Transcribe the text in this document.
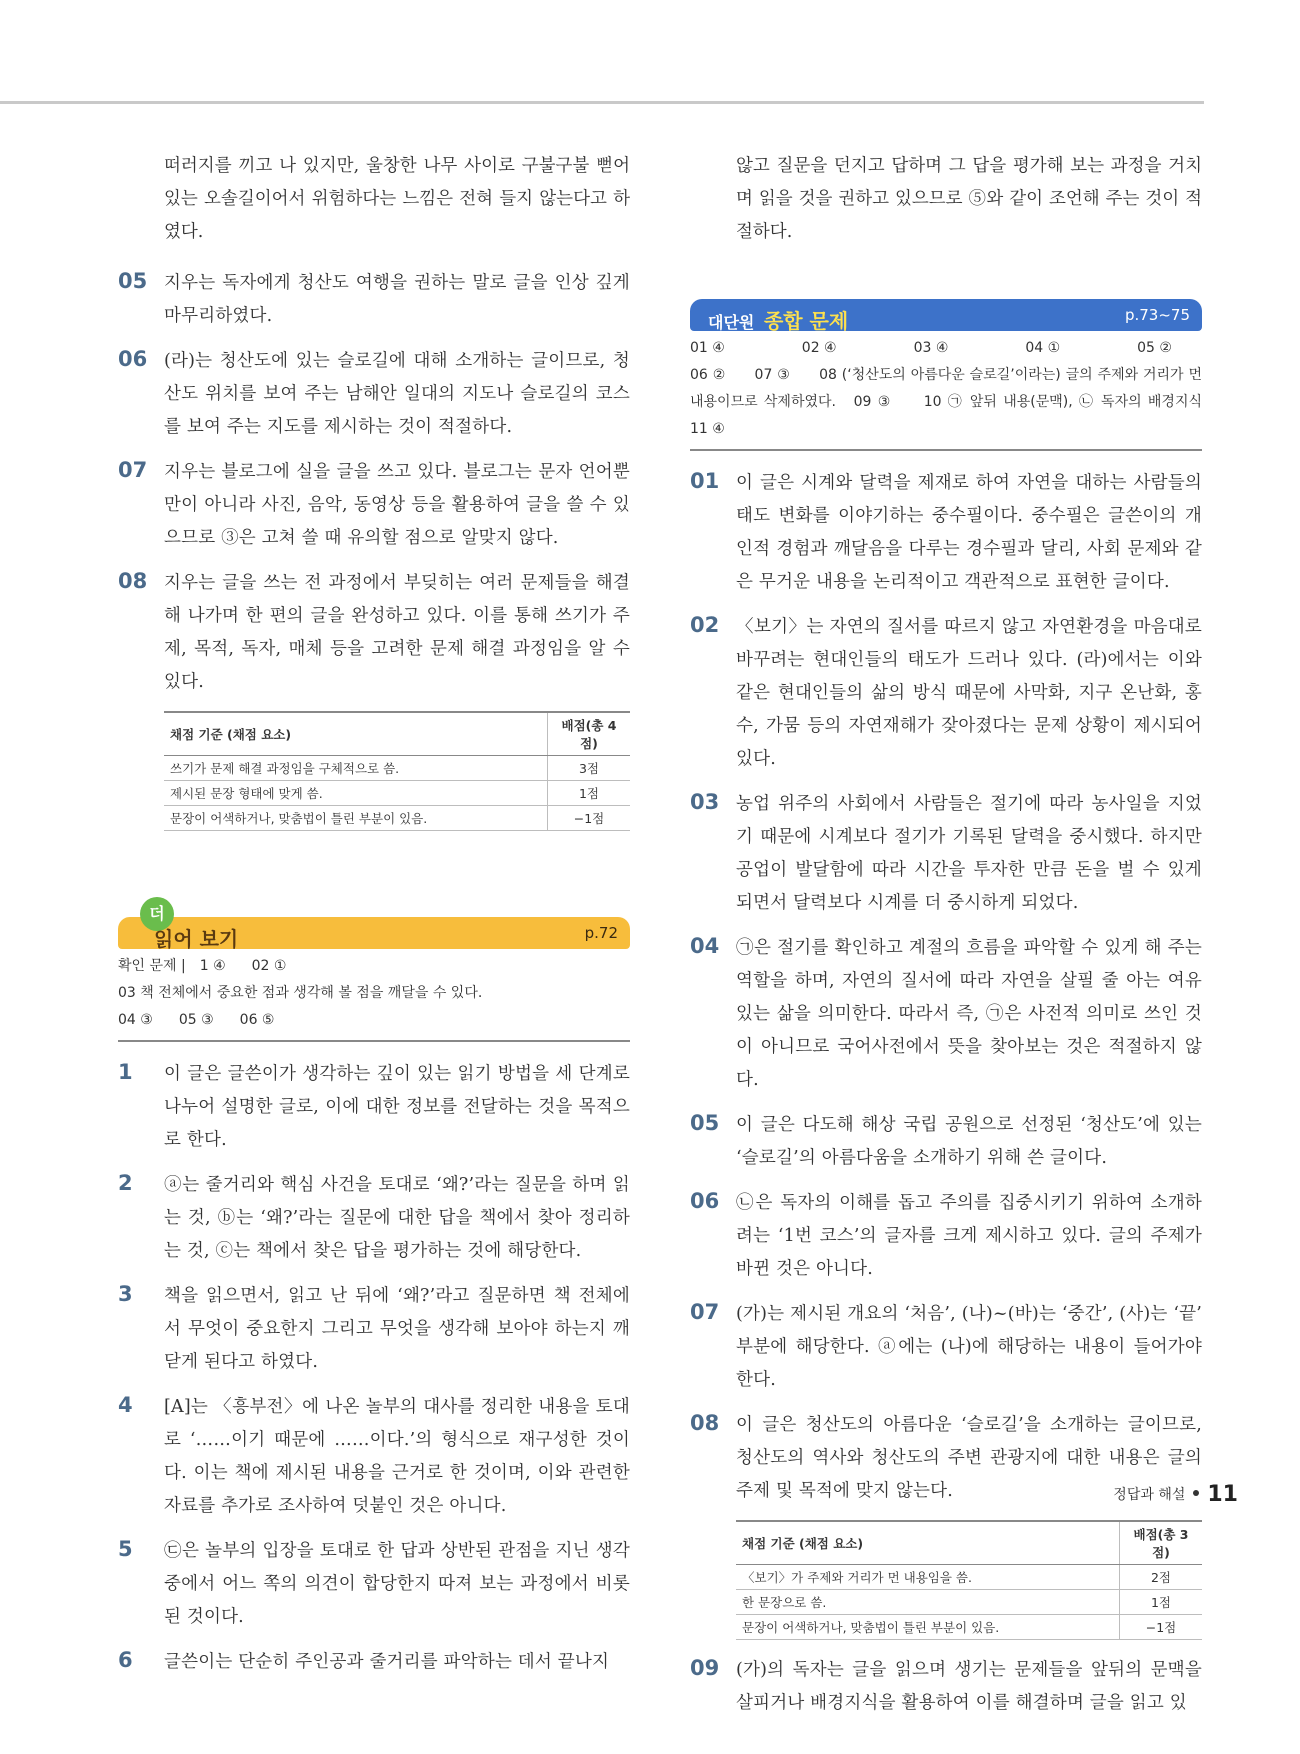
떠러지를 끼고 나 있지만, 울창한 나무 사이로 구불구불 뻗어 있는 오솔길이어서 위험하다는 느낌은 전혀 들지 않는다고 하였다.
05 지우는 독자에게 청산도 여행을 권하는 말로 글을 인상 깊게 마무리하였다.
06 (라)는 청산도에 있는 슬로길에 대해 소개하는 글이므로, 청산도 위치를 보여 주는 남해안 일대의 지도나 슬로길의 코스를 보여 주는 지도를 제시하는 것이 적절하다.
07 지우는 블로그에 실을 글을 쓰고 있다. 블로그는 문자 언어뿐만이 아니라 사진, 음악, 동영상 등을 활용하여 글을 쓸 수 있으므로 ③은 고쳐 쓸 때 유의할 점으로 알맞지 않다.
08 지우는 글을 쓰는 전 과정에서 부딪히는 여러 문제들을 해결해 나가며 한 편의 글을 완성하고 있다. 이를 통해 쓰기가 주제, 목적, 독자, 매체 등을 고려한 문제 해결 과정임을 알 수 있다.
채점 기준 (채점 요소)	배점(총 4점)
쓰기가 문제 해결 과정임을 구체적으로 씀.	3점
제시된 문장 형태에 맞게 씀.	1점
문장이 어색하거나, 맞춤법이 틀린 부분이 있음.	−1점
더
읽어 보기	p.72
확인 문제 |　1 ④ 02 ①
03 책 전체에서 중요한 점과 생각해 볼 점을 깨달을 수 있다.
04 ③ 05 ③ 06 ⑤
1 이 글은 글쓴이가 생각하는 깊이 있는 읽기 방법을 세 단계로 나누어 설명한 글로, 이에 대한 정보를 전달하는 것을 목적으로 한다.
2 ⓐ는 줄거리와 핵심 사건을 토대로 ‘왜?’라는 질문을 하며 읽는 것, ⓑ는 ‘왜?’라는 질문에 대한 답을 책에서 찾아 정리하는 것, ⓒ는 책에서 찾은 답을 평가하는 것에 해당한다.
3 책을 읽으면서, 읽고 난 뒤에 ‘왜?’라고 질문하면 책 전체에서 무엇이 중요한지 그리고 무엇을 생각해 보아야 하는지 깨닫게 된다고 하였다.
4 [A]는 〈흥부전〉에 나온 놀부의 대사를 정리한 내용을 토대로 ‘……이기 때문에 ……이다.’의 형식으로 재구성한 것이다. 이는 책에 제시된 내용을 근거로 한 것이며, 이와 관련한 자료를 추가로 조사하여 덧붙인 것은 아니다.
5 ㉢은 놀부의 입장을 토대로 한 답과 상반된 관점을 지닌 생각 중에서 어느 쪽의 의견이 합당한지 따져 보는 과정에서 비롯된 것이다.
6 글쓴이는 단순히 주인공과 줄거리를 파악하는 데서 끝나지
않고 질문을 던지고 답하며 그 답을 평가해 보는 과정을 거치며 읽을 것을 권하고 있으므로 ⑤와 같이 조언해 주는 것이 적절하다.
대단원 종합 문제	p.73~75
01 ④	02 ④	03 ④	04 ①	05 ②
06 ②　　07 ③　　08 (‘청산도의 아름다운 슬로길’이라는) 글의 주제와 거리가 먼 내용이므로 삭제하였다.　09 ③　　10 ㉠ 앞뒤 내용(문맥), ㉡ 독자의 배경지식　11 ④
01 이 글은 시계와 달력을 제재로 하여 자연을 대하는 사람들의 태도 변화를 이야기하는 중수필이다. 중수필은 글쓴이의 개인적 경험과 깨달음을 다루는 경수필과 달리, 사회 문제와 같은 무거운 내용을 논리적이고 객관적으로 표현한 글이다.
02 〈보기〉는 자연의 질서를 따르지 않고 자연환경을 마음대로 바꾸려는 현대인들의 태도가 드러나 있다. (라)에서는 이와 같은 현대인들의 삶의 방식 때문에 사막화, 지구 온난화, 홍수, 가뭄 등의 자연재해가 잦아졌다는 문제 상황이 제시되어 있다.
03 농업 위주의 사회에서 사람들은 절기에 따라 농사일을 지었기 때문에 시계보다 절기가 기록된 달력을 중시했다. 하지만 공업이 발달함에 따라 시간을 투자한 만큼 돈을 벌 수 있게 되면서 달력보다 시계를 더 중시하게 되었다.
04 ㉠은 절기를 확인하고 계절의 흐름을 파악할 수 있게 해 주는 역할을 하며, 자연의 질서에 따라 자연을 살필 줄 아는 여유 있는 삶을 의미한다. 따라서 즉, ㉠은 사전적 의미로 쓰인 것이 아니므로 국어사전에서 뜻을 찾아보는 것은 적절하지 않다.
05 이 글은 다도해 해상 국립 공원으로 선정된 ‘청산도’에 있는 ‘슬로길’의 아름다움을 소개하기 위해 쓴 글이다.
06 ㉡은 독자의 이해를 돕고 주의를 집중시키기 위하여 소개하려는 ‘1번 코스’의 글자를 크게 제시하고 있다. 글의 주제가 바뀐 것은 아니다.
07 (가)는 제시된 개요의 ‘처음’, (나)~(바)는 ‘중간’, (사)는 ‘끝’ 부분에 해당한다. ⓐ에는 (나)에 해당하는 내용이 들어가야 한다.
08 이 글은 청산도의 아름다운 ‘슬로길’을 소개하는 글이므로, 청산도의 역사와 청산도의 주변 관광지에 대한 내용은 글의 주제 및 목적에 맞지 않는다.
채점 기준 (채점 요소)	배점(총 3점)
〈보기〉가 주제와 거리가 먼 내용임을 씀.	2점
한 문장으로 씀.	1점
문장이 어색하거나, 맞춤법이 틀린 부분이 있음.	−1점
09 (가)의 독자는 글을 읽으며 생기는 문제들을 앞뒤의 문맥을 살피거나 배경지식을 활용하여 이를 해결하며 글을 읽고 있
정답과 해설 11
